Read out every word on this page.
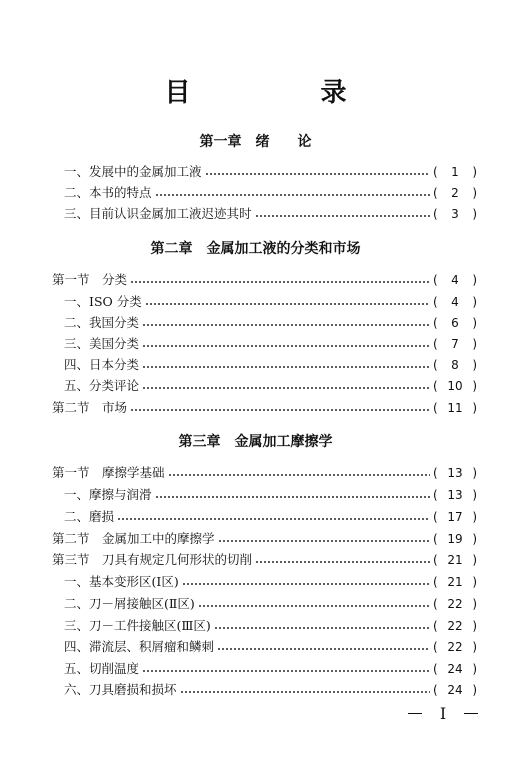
目　录
第一章　绪　　论
一、发展中的金属加工液	(	1	)
二、本书的特点	(	2	)
三、目前认识金属加工液迟迹其时	(	3	)
第二章　金属加工液的分类和市场
第一节　分类	(	4	)
一、ISO 分类	(	4	)
二、我国分类	(	6	)
三、美国分类	(	7	)
四、日本分类	(	8	)
五、分类评论	( 10 )
第二节　市场	( 11 )
第三章　金属加工摩擦学
第一节　摩擦学基础	( 13 )
一、摩擦与润滑	( 13 )
二、磨损	( 17 )
第二节　金属加工中的摩擦学	( 19 )
第三节　刀具有规定几何形状的切削	( 21 )
一、基本变形区(Ⅰ区)	( 21 )
二、刀－屑接触区(Ⅱ区)	( 22 )
三、刀－工件接触区(Ⅲ区)	( 22 )
四、滞流层、积屑瘤和鳞刺	( 22 )
五、切削温度	( 24 )
六、刀具磨损和损坏	( 24 )
Ⅰ
